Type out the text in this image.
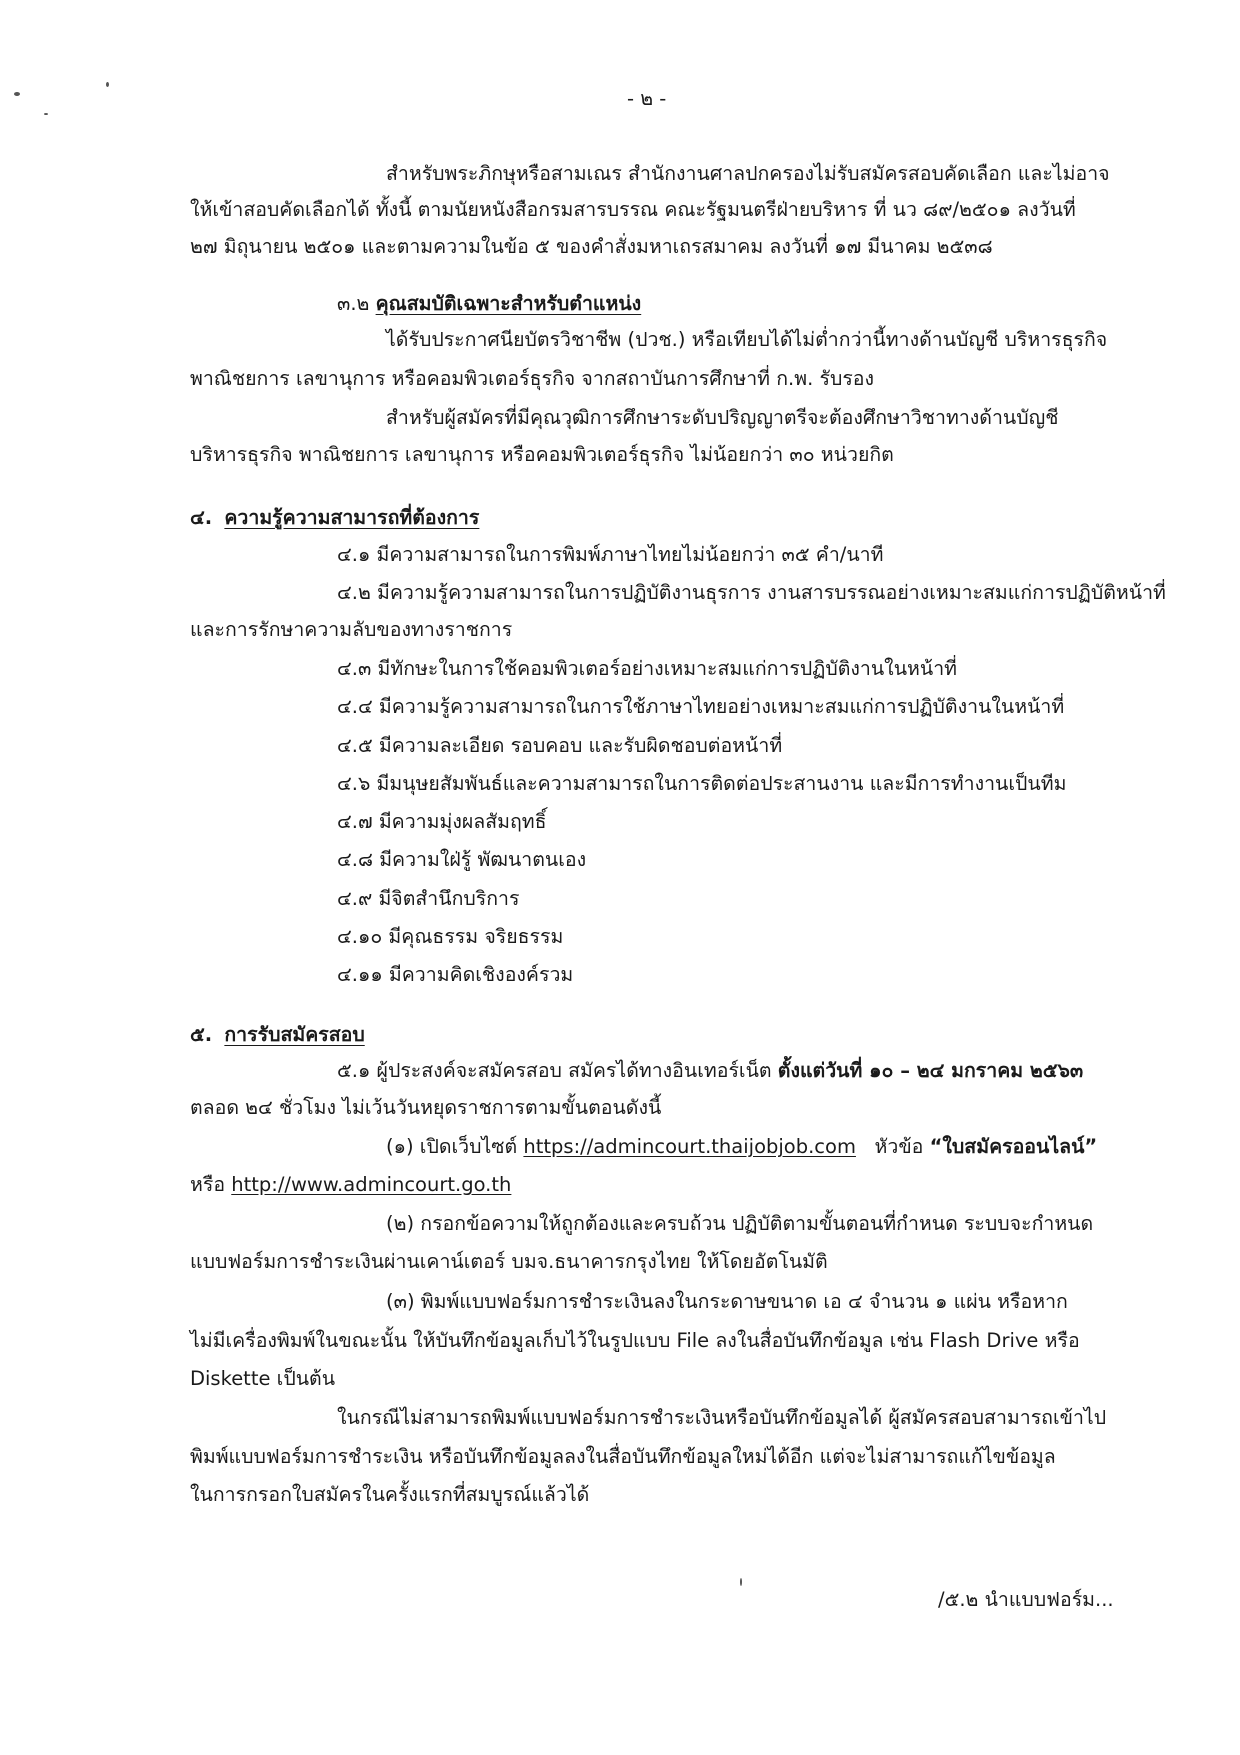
- ๒ -
สำหรับพระภิกษุหรือสามเณร สำนักงานศาลปกครองไม่รับสมัครสอบคัดเลือก และไม่อาจ
ให้เข้าสอบคัดเลือกได้ ทั้งนี้ ตามนัยหนังสือกรมสารบรรณ คณะรัฐมนตรีฝ่ายบริหาร ที่ นว ๘๙/๒๕๐๑ ลงวันที่
๒๗ มิถุนายน ๒๕๐๑ และตามความในข้อ ๕ ของคำสั่งมหาเถรสมาคม ลงวันที่ ๑๗ มีนาคม ๒๕๓๘
๓.๒ คุณสมบัติเฉพาะสำหรับตำแหน่ง
ได้รับประกาศนียบัตรวิชาชีพ (ปวช.) หรือเทียบได้ไม่ต่ำกว่านี้ทางด้านบัญชี บริหารธุรกิจ
พาณิชยการ เลขานุการ หรือคอมพิวเตอร์ธุรกิจ จากสถาบันการศึกษาที่ ก.พ. รับรอง
สำหรับผู้สมัครที่มีคุณวุฒิการศึกษาระดับปริญญาตรีจะต้องศึกษาวิชาทางด้านบัญชี
บริหารธุรกิจ พาณิชยการ เลขานุการ หรือคอมพิวเตอร์ธุรกิจ ไม่น้อยกว่า ๓๐ หน่วยกิต
๔. ความรู้ความสามารถที่ต้องการ
๔.๑ มีความสามารถในการพิมพ์ภาษาไทยไม่น้อยกว่า ๓๕ คำ/นาที
๔.๒ มีความรู้ความสามารถในการปฏิบัติงานธุรการ งานสารบรรณอย่างเหมาะสมแก่การปฏิบัติหน้าที่
และการรักษาความลับของทางราชการ
๔.๓ มีทักษะในการใช้คอมพิวเตอร์อย่างเหมาะสมแก่การปฏิบัติงานในหน้าที่
๔.๔ มีความรู้ความสามารถในการใช้ภาษาไทยอย่างเหมาะสมแก่การปฏิบัติงานในหน้าที่
๔.๕ มีความละเอียด รอบคอบ และรับผิดชอบต่อหน้าที่
๔.๖ มีมนุษยสัมพันธ์และความสามารถในการติดต่อประสานงาน และมีการทำงานเป็นทีม
๔.๗ มีความมุ่งผลสัมฤทธิ์
๔.๘ มีความใฝ่รู้ พัฒนาตนเอง
๔.๙ มีจิตสำนึกบริการ
๔.๑๐ มีคุณธรรม จริยธรรม
๔.๑๑ มีความคิดเชิงองค์รวม
๕. การรับสมัครสอบ
๕.๑ ผู้ประสงค์จะสมัครสอบ สมัครได้ทางอินเทอร์เน็ต ตั้งแต่วันที่ ๑๐ – ๒๔ มกราคม ๒๕๖๓
ตลอด ๒๔ ชั่วโมง ไม่เว้นวันหยุดราชการตามขั้นตอนดังนี้
(๑) เปิดเว็บไซต์ https://admincourt.thaijobjob.com   หัวข้อ “ใบสมัครออนไลน์”
หรือ http://www.admincourt.go.th
(๒) กรอกข้อความให้ถูกต้องและครบถ้วน ปฏิบัติตามขั้นตอนที่กำหนด ระบบจะกำหนด
แบบฟอร์มการชำระเงินผ่านเคาน์เตอร์ บมจ.ธนาคารกรุงไทย ให้โดยอัตโนมัติ
(๓) พิมพ์แบบฟอร์มการชำระเงินลงในกระดาษขนาด เอ ๔ จำนวน ๑ แผ่น หรือหาก
ไม่มีเครื่องพิมพ์ในขณะนั้น ให้บันทึกข้อมูลเก็บไว้ในรูปแบบ File ลงในสื่อบันทึกข้อมูล เช่น Flash Drive หรือ
Diskette เป็นต้น
ในกรณีไม่สามารถพิมพ์แบบฟอร์มการชำระเงินหรือบันทึกข้อมูลได้ ผู้สมัครสอบสามารถเข้าไป
พิมพ์แบบฟอร์มการชำระเงิน หรือบันทึกข้อมูลลงในสื่อบันทึกข้อมูลใหม่ได้อีก แต่จะไม่สามารถแก้ไขข้อมูล
ในการกรอกใบสมัครในครั้งแรกที่สมบูรณ์แล้วได้
/๕.๒ นำแบบฟอร์ม...
